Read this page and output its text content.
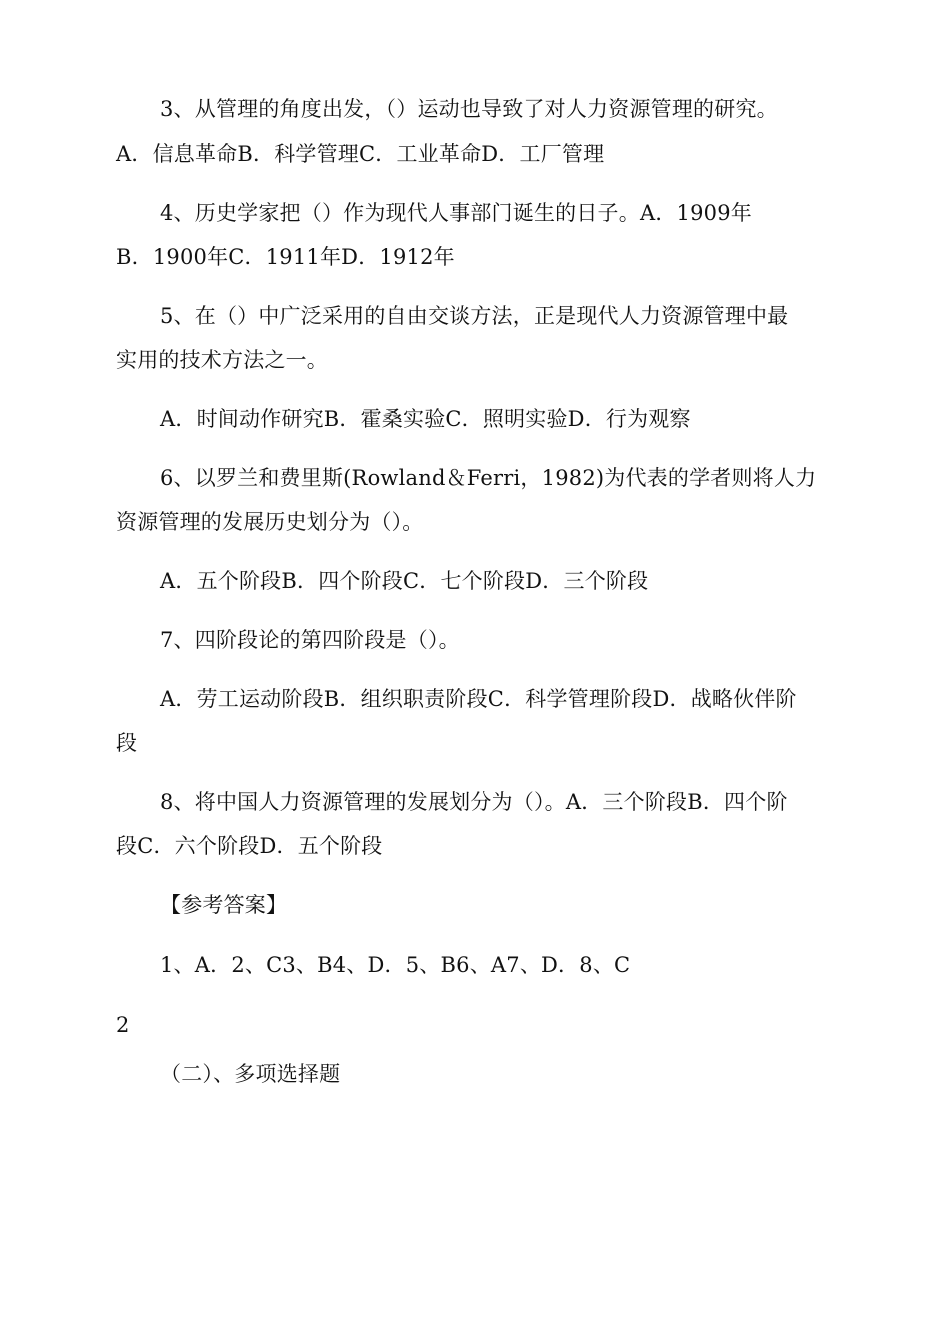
3、从管理的角度出发，（）运动也导致了对人力资源管理的研究。
A．信息革命B．科学管理C．工业革命D．工厂管理
4、历史学家把（）作为现代人事部门诞生的日子。A．1909年
B．1900年C．1911年D．1912年
5、在（）中广泛采用的自由交谈方法，正是现代人力资源管理中最
实用的技术方法之一。
A．时间动作研究B．霍桑实验C．照明实验D．行为观察
6、以罗兰和费里斯(Rowland＆Ferri，1982)为代表的学者则将人力
资源管理的发展历史划分为（）。
A．五个阶段B．四个阶段C．七个阶段D．三个阶段
7、四阶段论的第四阶段是（）。
A．劳工运动阶段B．组织职责阶段C．科学管理阶段D．战略伙伴阶
段
8、将中国人力资源管理的发展划分为（）。A．三个阶段B．四个阶
段C．六个阶段D．五个阶段
【参考答案】
1、A．2、C3、B4、D．5、B6、A7、D．8、C
2
（二）、多项选择题
